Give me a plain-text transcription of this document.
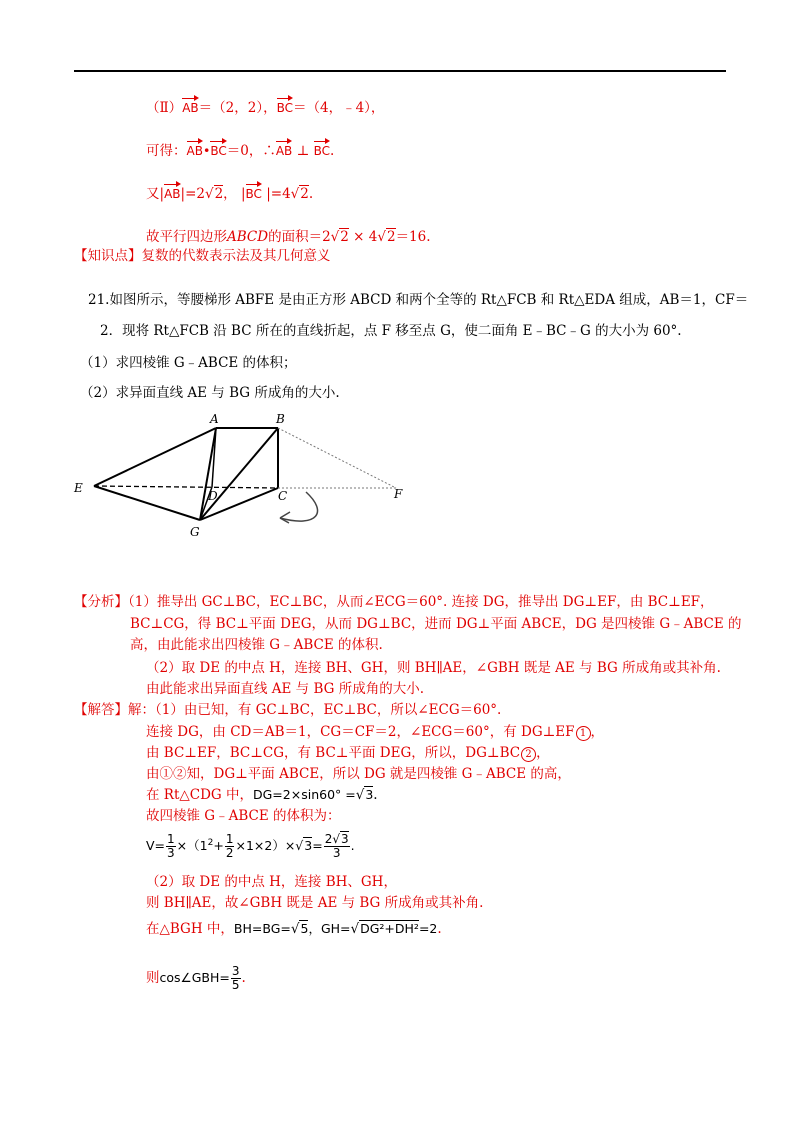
（Ⅱ）AB＝（2，2），BC＝（4，﹣4），
可得：AB•BC＝0，∴AB ⊥ BC.
又|AB|=2√2， |BC |=4√2.
故平行四边形ABCD的面积＝2√2 × 4√2＝16.
【知识点】复数的代数表示法及其几何意义
21.如图所示，等腰梯形 ABFE 是由正方形 ABCD 和两个全等的 Rt△FCB 和 Rt△EDA 组成，AB＝1，CF＝
2．现将 Rt△FCB 沿 BC 所在的直线折起，点 F 移至点 G，使二面角 E﹣BC﹣G 的大小为 60°.
（1）求四棱锥 G﹣ABCE 的体积；
（2）求异面直线 AE 与 BG 所成角的大小.
A	B
E
D	C	F
G
【分析】（1）推导出 GC⊥BC，EC⊥BC，从而∠ECG＝60°. 连接 DG，推导出 DG⊥EF，由 BC⊥EF，
BC⊥CG，得 BC⊥平面 DEG，从而 DG⊥BC，进而 DG⊥平面 ABCE，DG 是四棱锥 G﹣ABCE 的
高，由此能求出四棱锥 G﹣ABCE 的体积.
（2）取 DE 的中点 H，连接 BH、GH，则 BH∥AE，∠GBH 既是 AE 与 BG 所成角或其补角.
由此能求出异面直线 AE 与 BG 所成角的大小.
【解答】解：（1）由已知，有 GC⊥BC，EC⊥BC，所以∠ECG＝60°.
连接 DG，由 CD＝AB＝1，CG＝CF＝2，∠ECG＝60°，有 DG⊥EF 1 ，
由 BC⊥EF，BC⊥CG，有 BC⊥平面 DEG，所以，DG⊥BC 2 ，
由①②知，DG⊥平面 ABCE，所以 DG 就是四棱锥 G﹣ABCE 的高，
在 Rt△CDG 中，DG=2×sin60° =√3.
故四棱锥 G﹣ABCE 的体积为：
$V= \frac{1}{3} \times(1^2+ \frac{1}{2} \times 1\times 2)\times√3= \frac{2√3}{3}$ .
（2）取 DE 的中点 H，连接 BH、GH，
则 BH∥AE，故∠GBH 既是 AE 与 BG 所成角或其补角.
在△BGH 中，BH=BG=√5，GH=√DG²+DH²=2.
则cos∠GBH= $\frac{3}{5}$ .
